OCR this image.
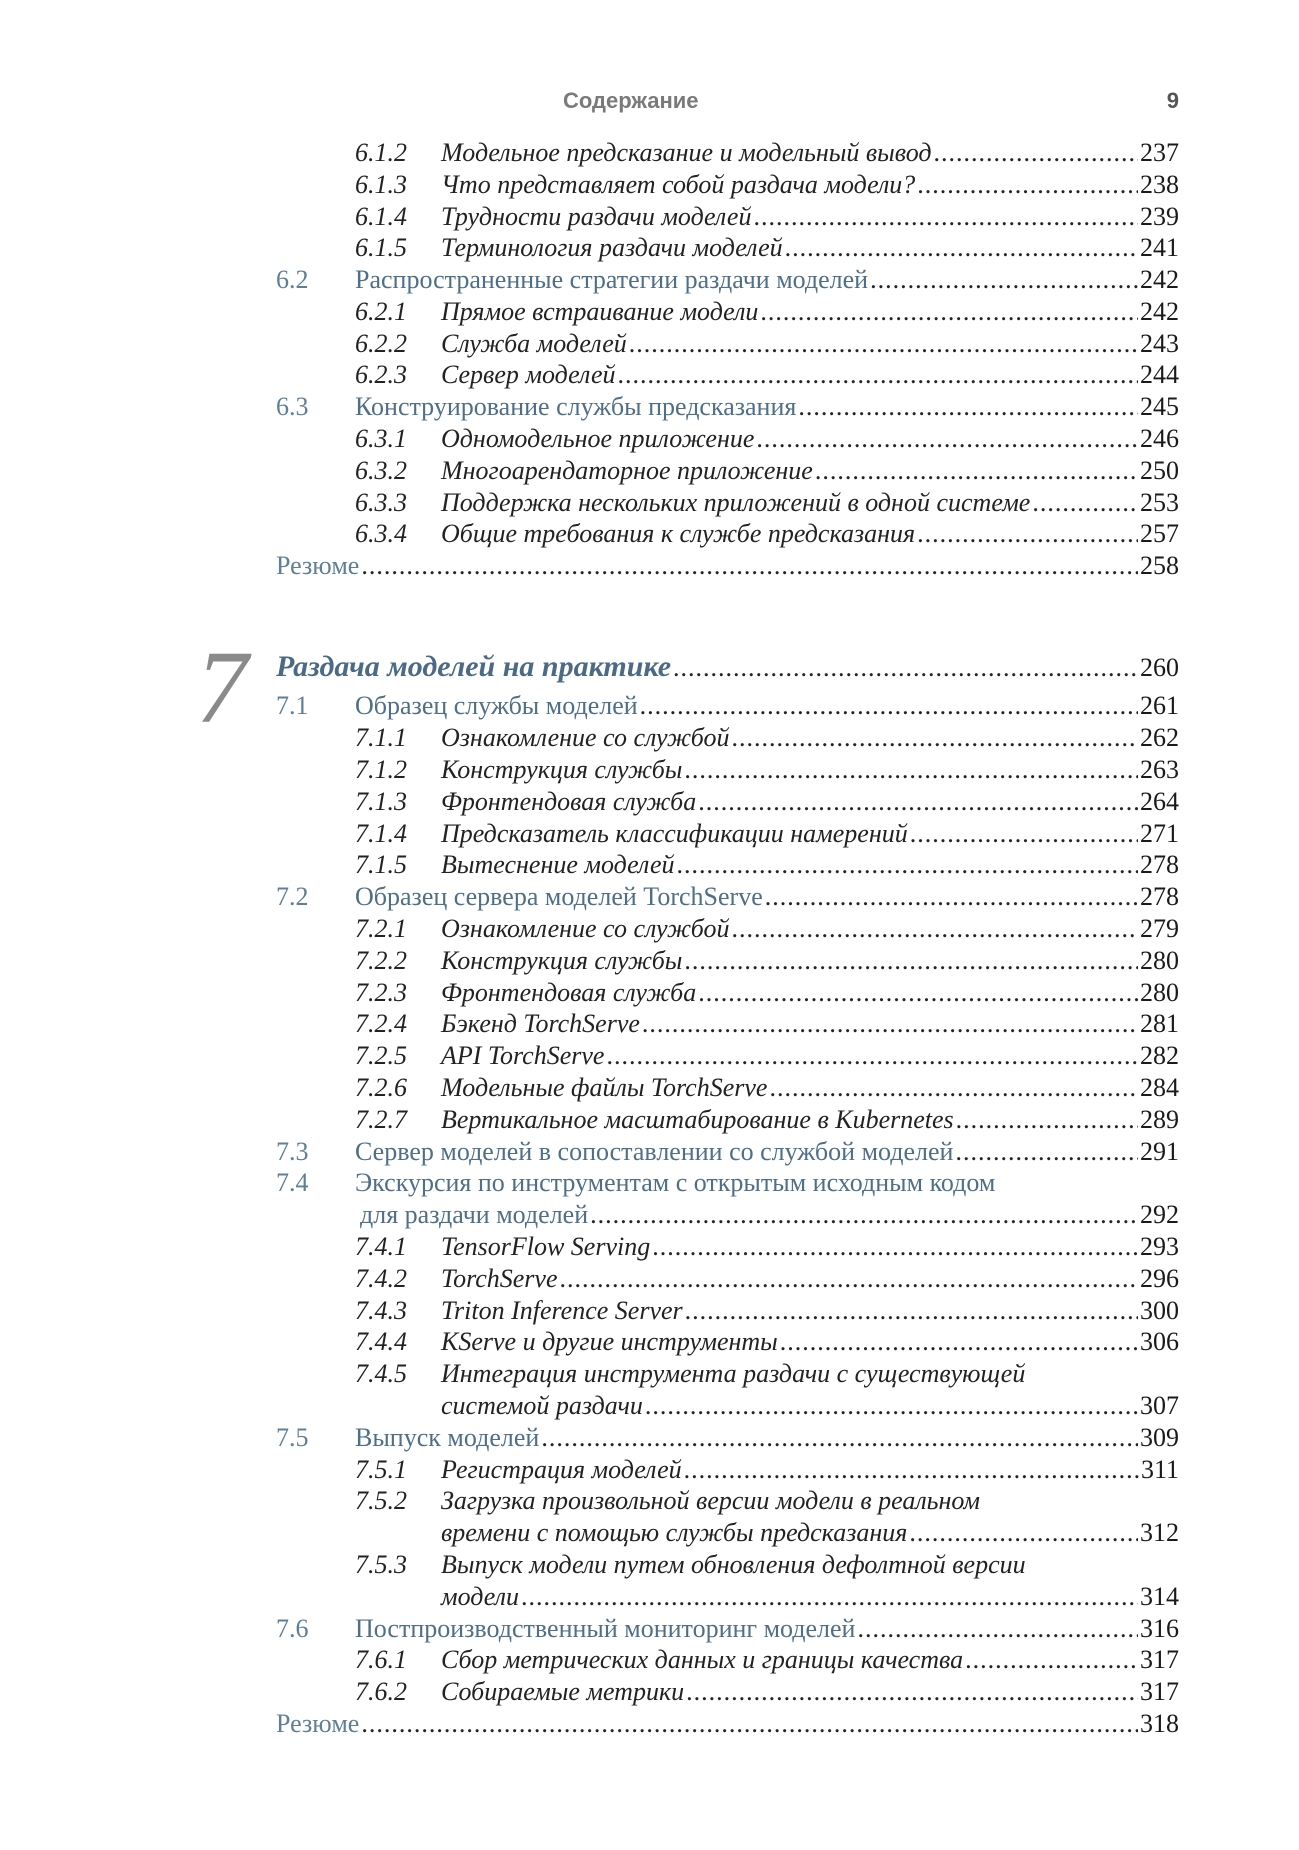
Содержание	9
7
6.1.2 Модельное предсказание и модельный вывод .....	237
6.1.3 Что представляет собой раздача модели? .....	238
6.1.4 Трудности раздачи моделей .....	239
6.1.5 Терминология раздачи моделей .....	241
6.2 Распространенные стратегии раздачи моделей .....	242
6.2.1 Прямое встраивание модели .....	242
6.2.2 Служба моделей .....	243
6.2.3 Сервер моделей .....	244
6.3 Конструирование службы предсказания .....	245
6.3.1 Одномодельное приложение .....	246
6.3.2 Многоарендаторное приложение .....	250
6.3.3 Поддержка нескольких приложений в одной системе .....	253
6.3.4 Общие требования к службе предсказания .....	257
Резюме .....	258
Раздача моделей на практике .....	260
7.1 Образец службы моделей .....	261
7.1.1 Ознакомление со службой .....	262
7.1.2 Конструкция службы .....	263
7.1.3 Фронтендовая служба .....	264
7.1.4 Предсказатель классификации намерений .....	271
7.1.5 Вытеснение моделей .....	278
7.2 Образец сервера моделей TorchServe .....	278
7.2.1 Ознакомление со службой .....	279
7.2.2 Конструкция службы .....	280
7.2.3 Фронтендовая служба .....	280
7.2.4 Бэкенд TorchServe .....	281
7.2.5 API TorchServe .....	282
7.2.6 Модельные файлы TorchServe .....	284
7.2.7 Вертикальное масштабирование в Kubernetes .....	289
7.3 Сервер моделей в сопоставлении со службой моделей .....	291
7.4 Экскурсия по инструментам с открытым исходным кодом
для раздачи моделей .....	292
7.4.1 TensorFlow Serving .....	293
7.4.2 TorchServe .....	296
7.4.3 Triton Inference Server .....	300
7.4.4 KServe и другие инструменты .....	306
7.4.5 Интеграция инструмента раздачи с существующей
системой раздачи .....	307
7.5 Выпуск моделей .....	309
7.5.1 Регистрация моделей .....	311
7.5.2 Загрузка произвольной версии модели в реальном
времени с помощью службы предсказания .....	312
7.5.3 Выпуск модели путем обновления дефолтной версии
модели .....	314
7.6 Постпроизводственный мониторинг моделей .....	316
7.6.1 Сбор метрических данных и границы качества .....	317
7.6.2 Собираемые метрики .....	317
Резюме .....	318
